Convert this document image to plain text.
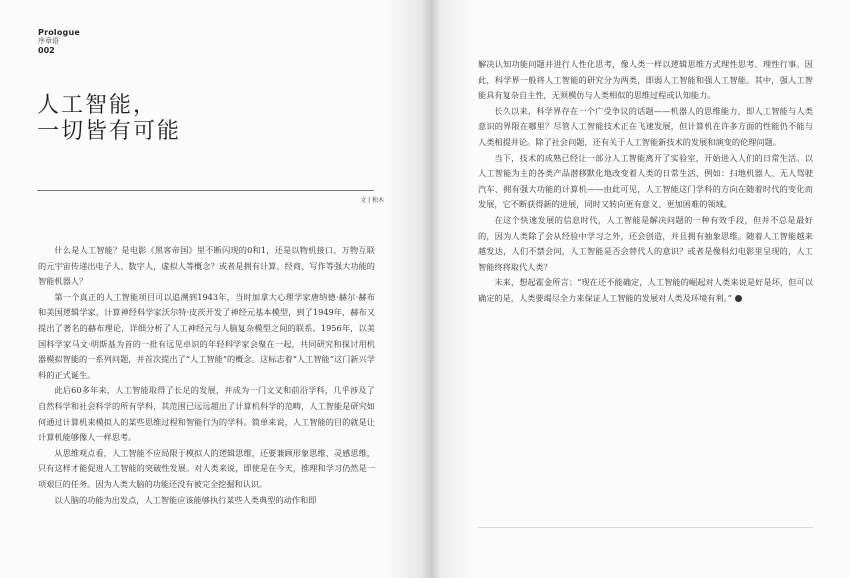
Prologue
序章语
002
人工智能，
一切皆有可能
文 | 独木

什么是人工智能？是电影《黑客帝国》里不断闪现的0和1，还是以物机接口、万物互联的元宇宙传递出电子人、数字人，虚拟人等概念？或者是拥有计算、经商、写作等强大功能的智能机器人？

第一个真正的人工智能项目可以追溯到1943年，当时加拿大心理学家唐纳德·赫尔·赫布和美国逻辑学家、计算神经科学家沃尔特·皮茨开发了神经元基本模型，到了1949年，赫布又提出了著名的赫布理论，详细分析了人工神经元与人脑复杂模型之间的联系。1956年，以美国科学家马文·明斯基为首的一批有远见卓识的年轻科学家会聚在一起，共同研究和探讨用机器模拟智能的一系列问题，并首次提出了“人工智能”的概念。这标志着“人工智能”这门新兴学科的正式诞生。

此后60多年来，人工智能取得了长足的发展，并成为一门文叉和前沿学科，几乎涉及了自然科学和社会科学的所有学科，其范围已远远超出了计算机科学的范畴，人工智能是研究如何通过计算机来模拟人的某些思维过程和智能行为的学科。简单来说，人工智能的目的就是让计算机能够像人一样思考。

从思维观点看，人工智能不应局限于模拟人的逻辑思维，还要兼顾形象思维、灵感思维，只有这样才能促进人工智能的突破性发展。对人类来说，即使是在今天，推理和学习仍然是一项艰巨的任务。因为人类大脑的功能还没有被完全挖掘和认识。

以人脑的功能为出发点，人工智能应该能够执行某些人类典型的动作和即

解决认知功能问题并进行人性化思考，像人类一样以逻辑思维方式理性思考、理性行事。因此，科学界一般将人工智能的研究分为两类，即弱人工智能和强人工智能。其中，强人工智能具有复杂自主性，无须模仿与人类相似的思维过程或认知能力。

长久以来，科学界存在一个广受争议的话题——机器人的思维能力，即人工智能与人类意识的界限在哪里？尽管人工智能技术正在飞速发展，但计算机在许多方面的性能仍不能与人类相提并论。除了社会问题，还有关于人工智能新技术的发展和演变的伦理问题。

当下，技术的成熟已经让一部分人工智能离开了实验室，开始进入人们的日常生活。以人工智能为主的各类产品潜移默化地改变着人类的日常生活，例如：扫地机器人、无人驾驶汽车、拥有强大功能的计算机——由此可见，人工智能这门学科的方向在随着时代的变化而发展，它不断获得新的进展，同时又转向更有意义、更加困难的领域。

在这个快速发展的信息时代，人工智能是解决问题的一种有效手段，但并不总是最好的，因为人类除了会从经验中学习之外，还会创造，并且拥有抽象思维。随着人工智能越来越发达，人们不禁会问，人工智能是否会替代人的意识？或者是像科幻电影里呈现的，人工智能终将取代人类？

未来，想起霍金所言：“现在还不能确定，人工智能的崛起对人类来说是好是坏，但可以确定的是，人类要竭尽全力来保证人工智能的发展对人类及环境有利。”
